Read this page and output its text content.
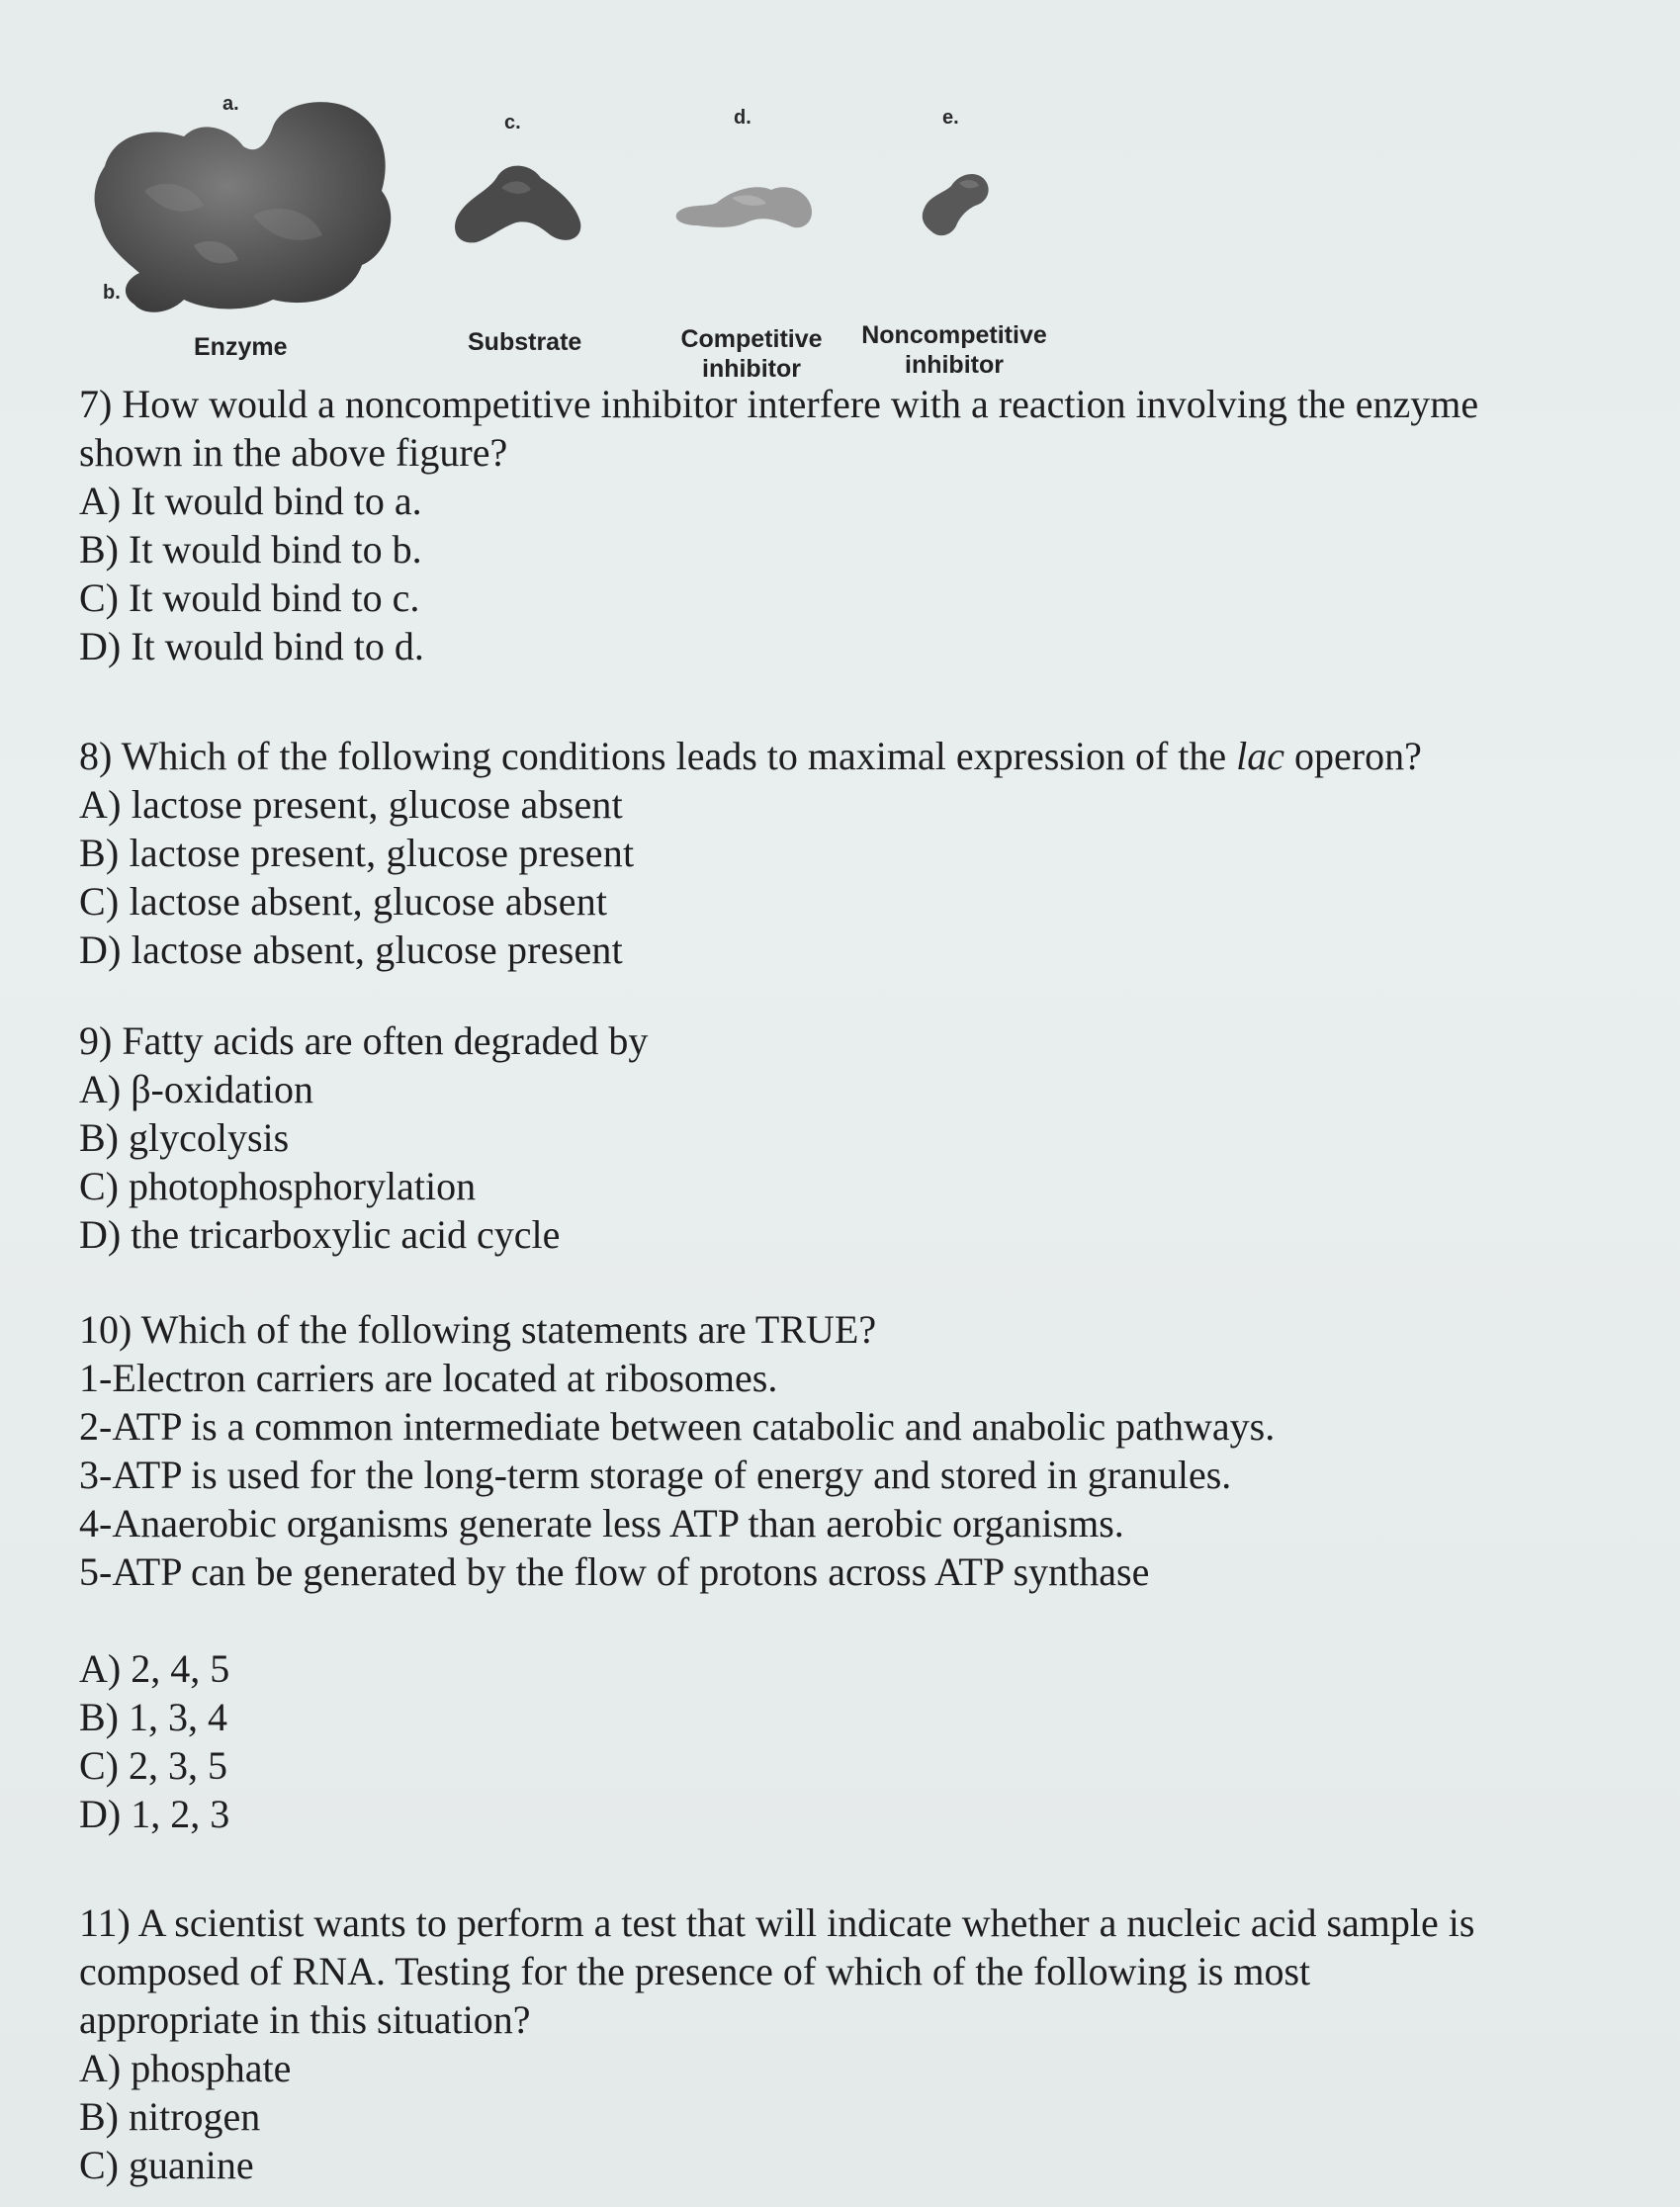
a.
b.
c.	d.	e.
Enzyme	Substrate	Competitive
inhibitor
Noncompetitive
inhibitor
7) How would a noncompetitive inhibitor interfere with a reaction involving the enzyme
shown in the above figure?
A) It would bind to a.
B) It would bind to b.
C) It would bind to c.
D) It would bind to d.
8) Which of the following conditions leads to maximal expression of the lac operon?
A) lactose present, glucose absent
B) lactose present, glucose present
C) lactose absent, glucose absent
D) lactose absent, glucose present
9) Fatty acids are often degraded by
A) β-oxidation
B) glycolysis
C) photophosphorylation
D) the tricarboxylic acid cycle
10) Which of the following statements are TRUE?
1-Electron carriers are located at ribosomes.
2-ATP is a common intermediate between catabolic and anabolic pathways.
3-ATP is used for the long-term storage of energy and stored in granules.
4-Anaerobic organisms generate less ATP than aerobic organisms.
5-ATP can be generated by the flow of protons across ATP synthase
A) 2, 4, 5
B) 1, 3, 4
C) 2, 3, 5
D) 1, 2, 3
11) A scientist wants to perform a test that will indicate whether a nucleic acid sample is
composed of RNA. Testing for the presence of which of the following is most
appropriate in this situation?
A) phosphate
B) nitrogen
C) guanine
